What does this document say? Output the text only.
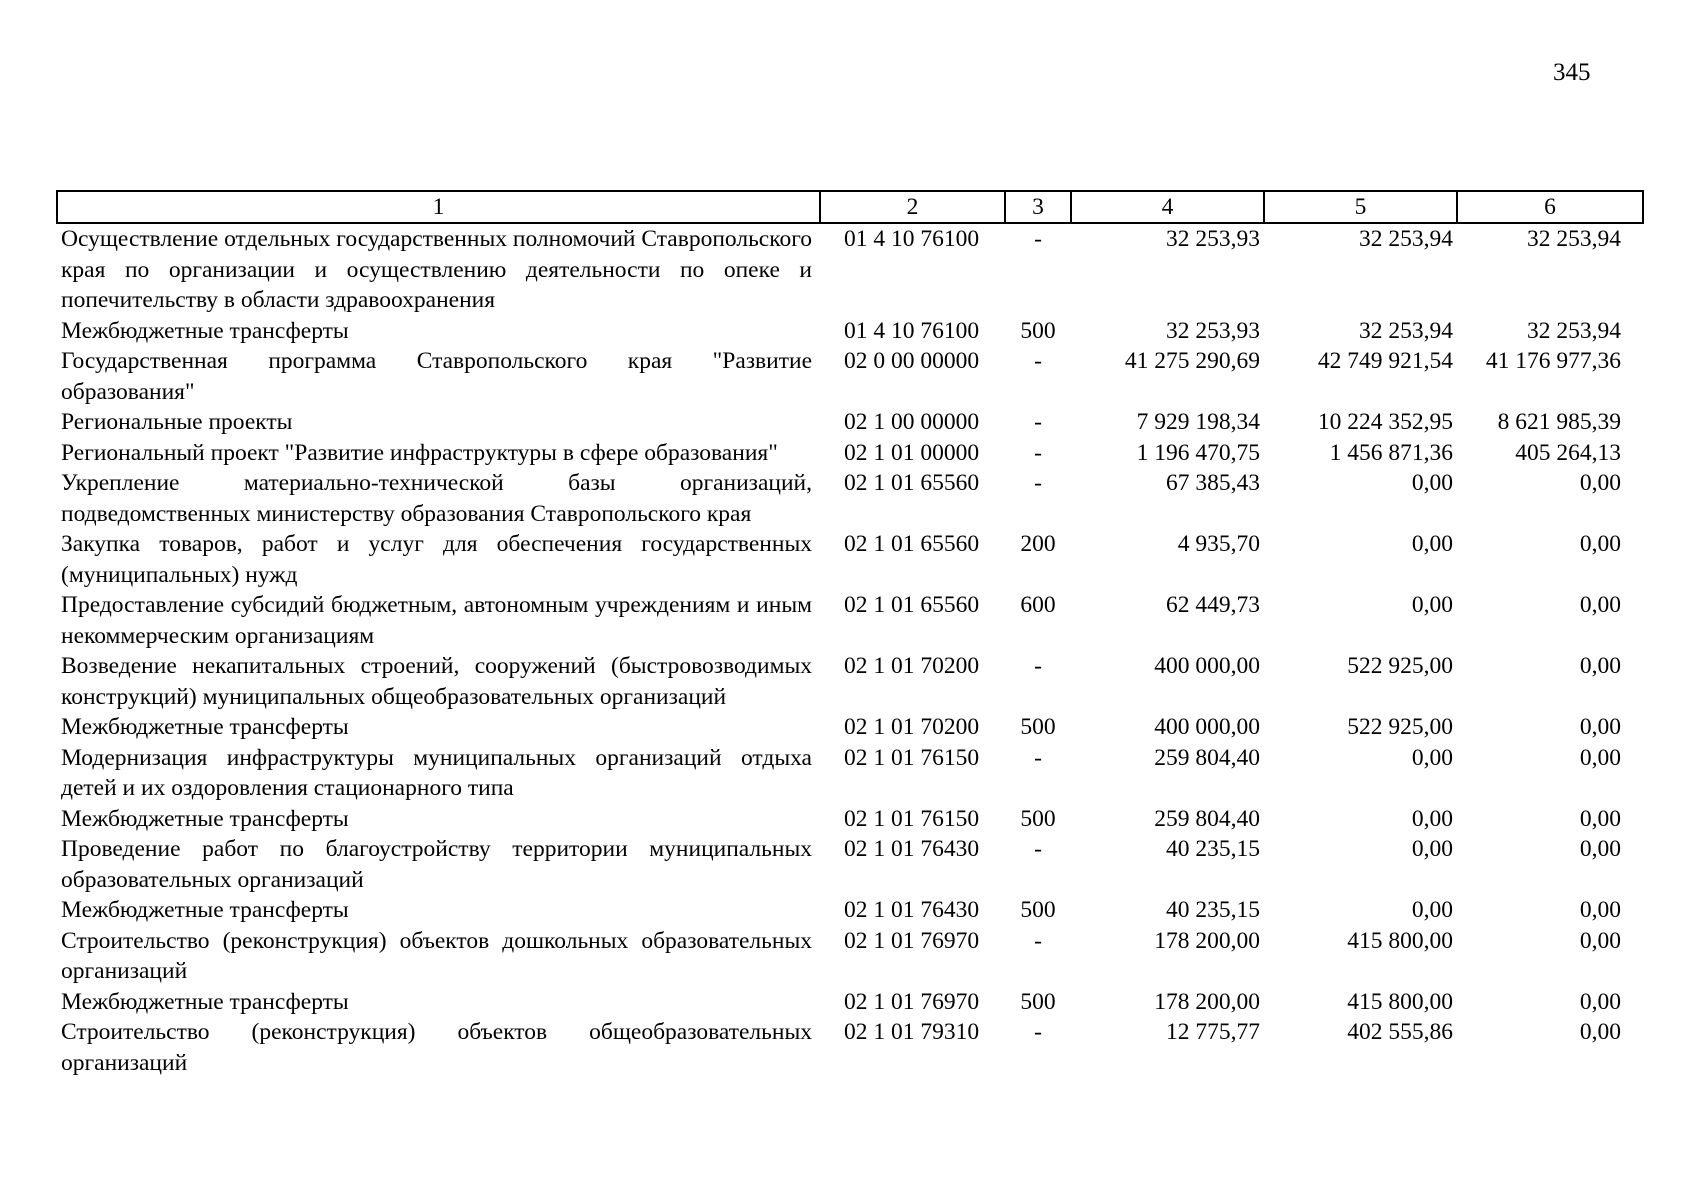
345
1	2	3	4	5	6
Осуществление отдельных государственных полномочий Ставропольского края по организации и осуществлению деятельности по опеке и попечительству в области здравоохранения	01 4 10 76100	-	32 253,93	32 253,94	32 253,94
Межбюджетные трансферты	01 4 10 76100	500	32 253,93	32 253,94	32 253,94
Государственная программа Ставропольского края "Развитие образования"	02 0 00 00000	-	41 275 290,69	42 749 921,54	41 176 977,36
Региональные проекты	02 1 00 00000	-	7 929 198,34	10 224 352,95	8 621 985,39
Региональный проект "Развитие инфраструктуры в сфере образования"	02 1 01 00000	-	1 196 470,75	1 456 871,36	405 264,13
Укрепление материально-технической базы организаций, подведомственных министерству образования Ставропольского края	02 1 01 65560	-	67 385,43	0,00	0,00
Закупка товаров, работ и услуг для обеспечения государственных (муниципальных) нужд	02 1 01 65560	200	4 935,70	0,00	0,00
Предоставление субсидий бюджетным, автономным учреждениям и иным некоммерческим организациям	02 1 01 65560	600	62 449,73	0,00	0,00
Возведение некапитальных строений, сооружений (быстровозводимых конструкций) муниципальных общеобразовательных организаций	02 1 01 70200	-	400 000,00	522 925,00	0,00
Межбюджетные трансферты	02 1 01 70200	500	400 000,00	522 925,00	0,00
Модернизация инфраструктуры муниципальных организаций отдыха детей и их оздоровления стационарного типа	02 1 01 76150	-	259 804,40	0,00	0,00
Межбюджетные трансферты	02 1 01 76150	500	259 804,40	0,00	0,00
Проведение работ по благоустройству территории муниципальных образовательных организаций	02 1 01 76430	-	40 235,15	0,00	0,00
Межбюджетные трансферты	02 1 01 76430	500	40 235,15	0,00	0,00
Строительство (реконструкция) объектов дошкольных образовательных организаций	02 1 01 76970	-	178 200,00	415 800,00	0,00
Межбюджетные трансферты	02 1 01 76970	500	178 200,00	415 800,00	0,00
Строительство (реконструкция) объектов общеобразовательных организаций	02 1 01 79310	-	12 775,77	402 555,86	0,00
